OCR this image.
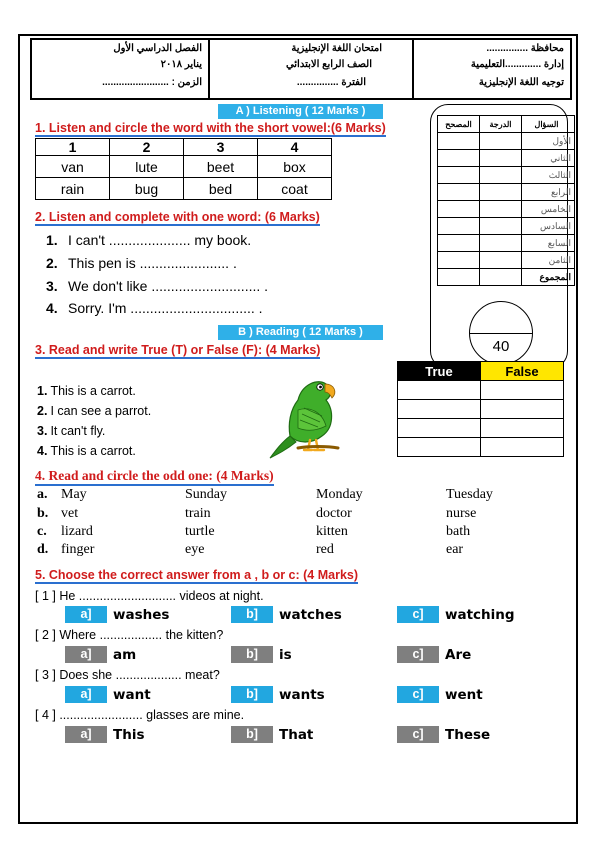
الفصل الدراسي الأول
يناير ٢٠١٨
الزمن : ........................
امتحان اللغة الإنجليزية
الصف الرابع الابتدائي
الفترة ...............
محافظة ...............
إدارة .............التعليمية
توجيه اللغة الإنجليزية
A ) Listening ( 12 Marks )
1. Listen and circle the word with the short vowel:(6 Marks)
1	2	3	4
van	lute	beet	box
rain	bug	bed	coat
2. Listen and complete with one word: (6 Marks)
1. I can't ..................... my book.
2. This pen is ....................... .
3. We don't like ............................ .
4. Sorry. I'm ................................ .
المصحح	الدرجة	السؤال
		الأول
		الثاني
		الثالث
		الرابع
		الخامس
		السادس
		السابع
		الثامن
		المجموع
40
B ) Reading ( 12 Marks )
3. Read and write True (T) or False (F): (4 Marks)
1. This is a carrot.
2. I can see a parrot.
3. It can't fly.
4. This is a carrot.
True	False

4. Read and circle the odd one: (4 Marks)
a. May	Sunday	Monday	Tuesday
b. vet	train	doctor	nurse
c. lizard	turtle	kitten	bath
d. finger	eye	red	ear
5. Choose the correct answer from a , b or c: (4 Marks)
[ 1 ] He ............................ videos at night.
a] washes	b] watches	c] watching
[ 2 ] Where .................. the kitten?
a] am	b] is	c] Are
[ 3 ] Does she ................... meat?
a] want	b] wants	c] went
[ 4 ] ........................ glasses are mine.
a] This	b] That	c] These
